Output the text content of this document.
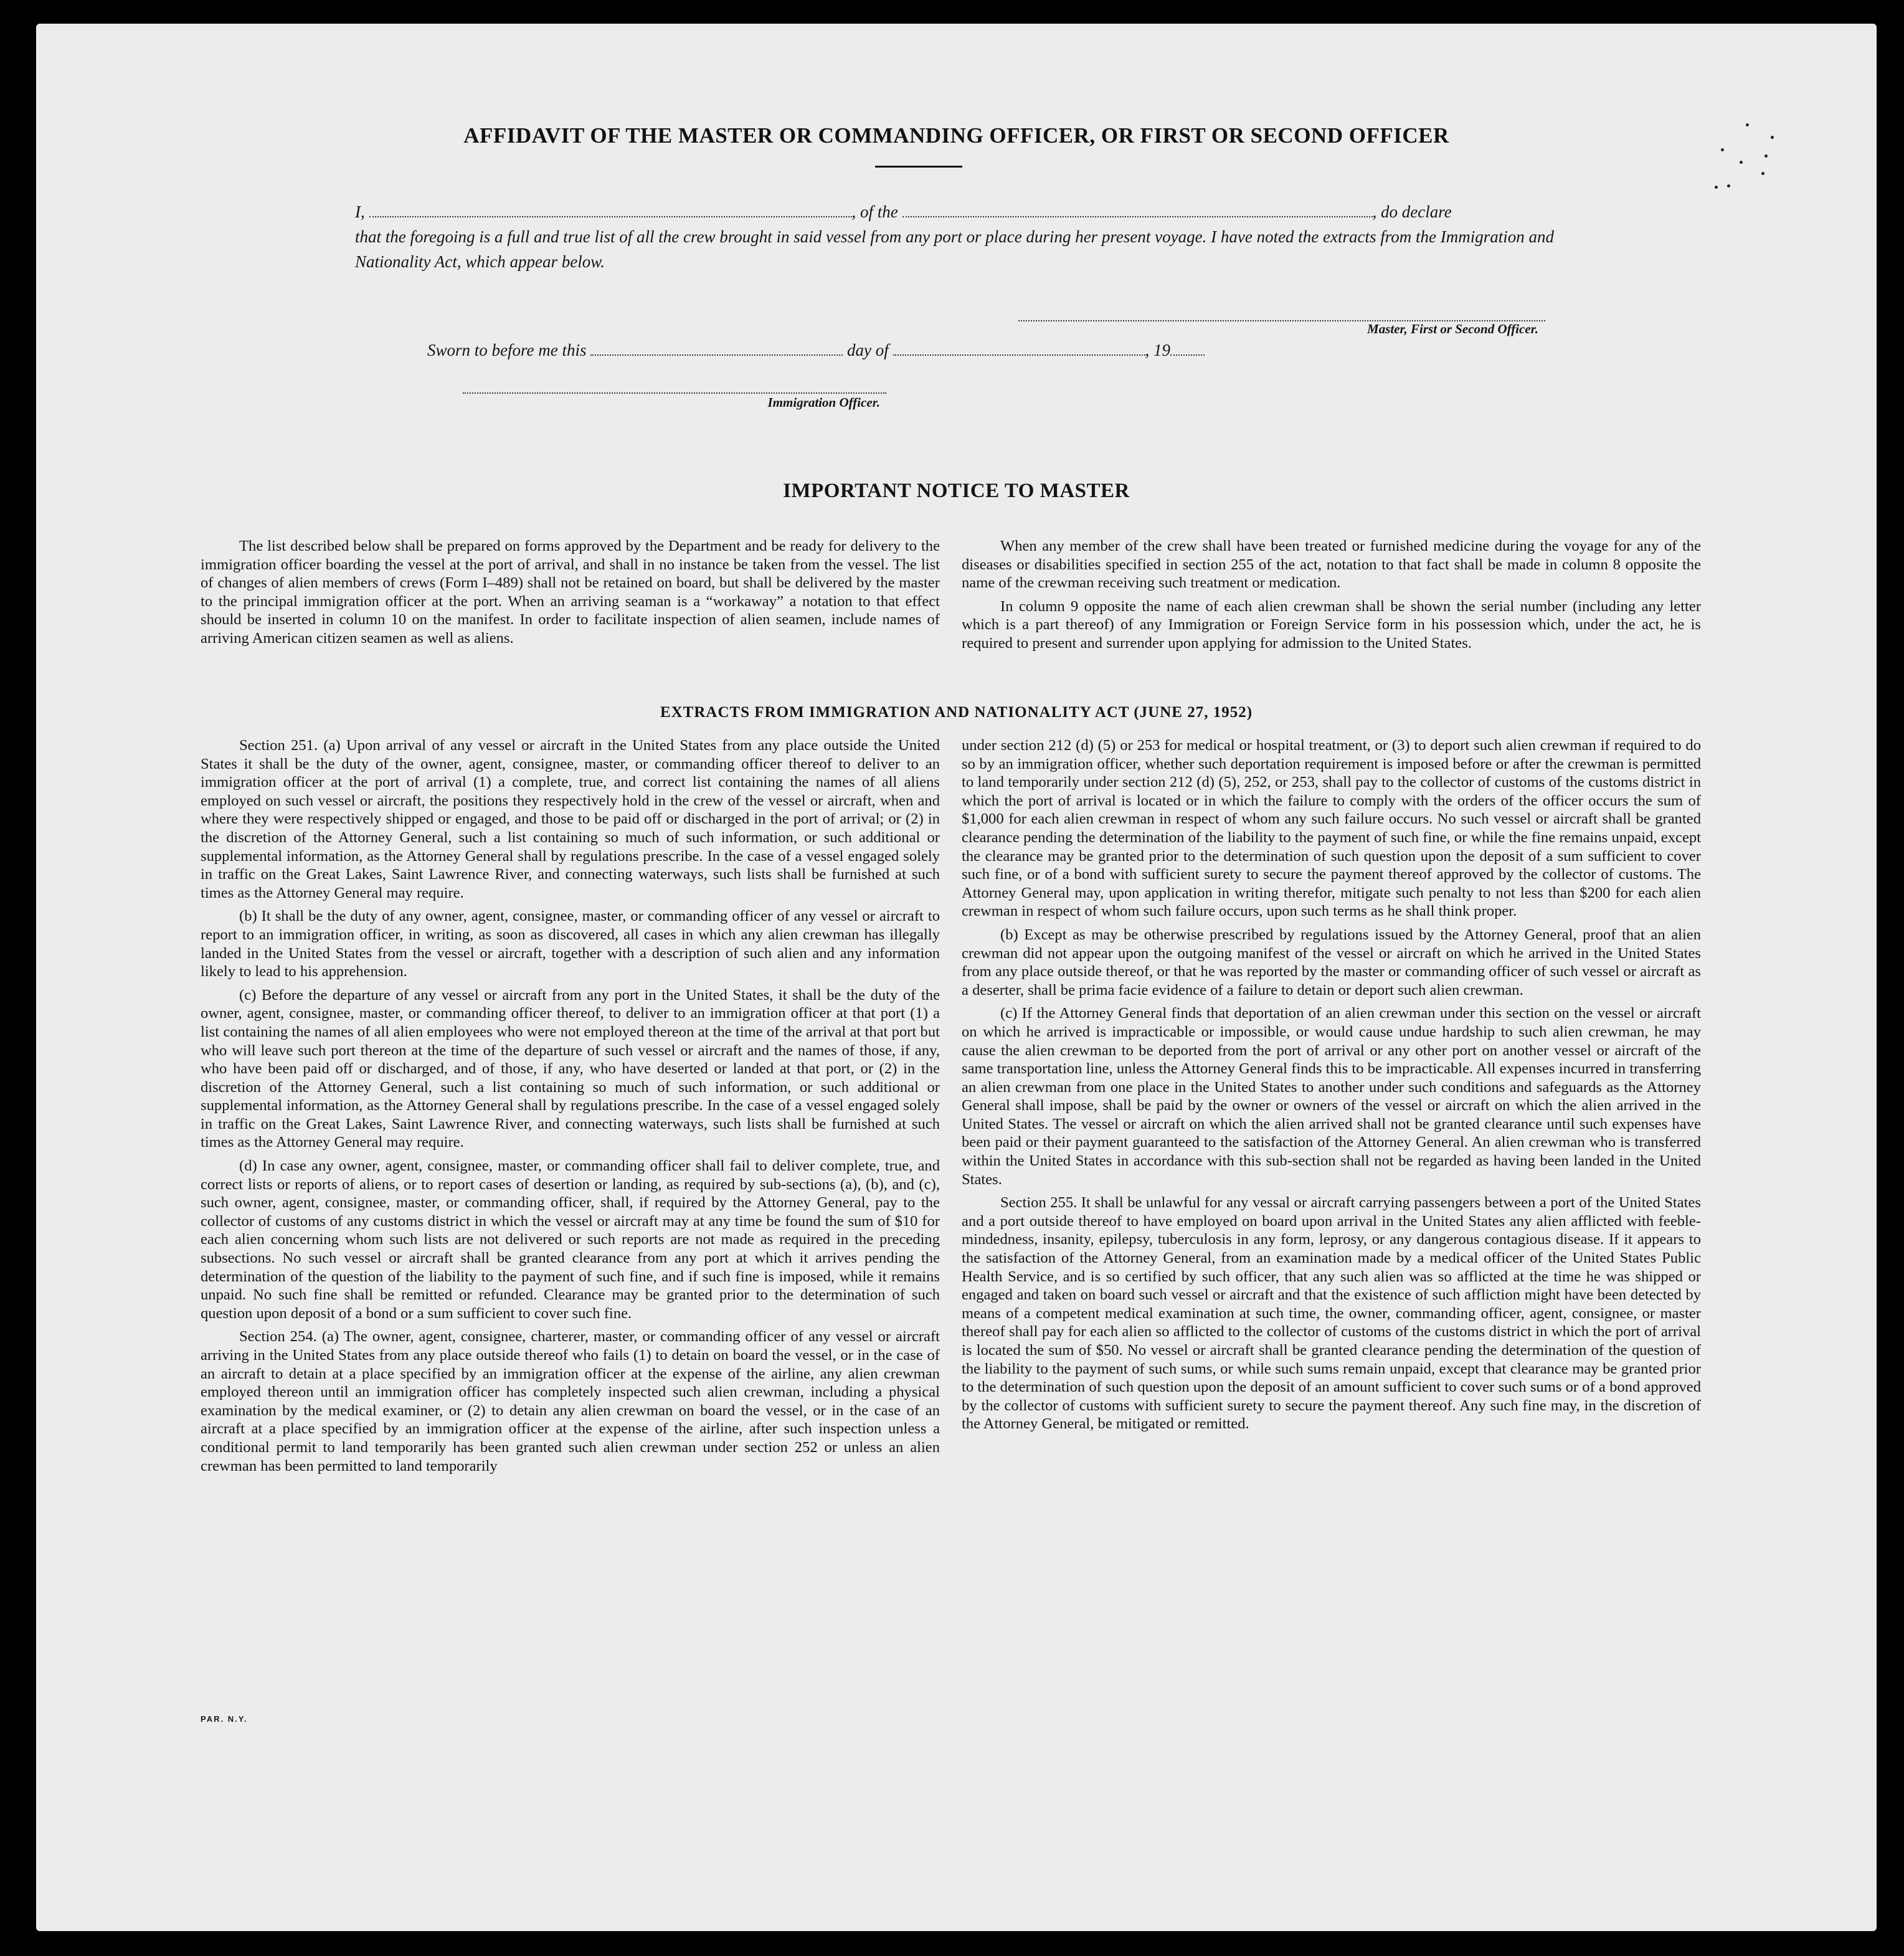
AFFIDAVIT OF THE MASTER OR COMMANDING OFFICER, OR FIRST OR SECOND OFFICER
I,	, of the	, do declare
that the foregoing is a full and true list of all the crew brought in said vessel from any port or place during her present voyage. I have noted the extracts from the Immigration and Nationality Act, which appear below.
Master, First or Second Officer.
Sworn to before me this	day of	, 19
Immigration Officer.
IMPORTANT NOTICE TO MASTER

The list described below shall be prepared on forms approved by the Department and be ready for delivery to the immigration officer boarding the vessel at the port of arrival, and shall in no instance be taken from the vessel. The list of changes of alien members of crews (Form I–489) shall not be retained on board, but shall be delivered by the master to the principal immigration officer at the port. When an arriving seaman is a “workaway” a notation to that effect should be inserted in column 10 on the manifest. In order to facilitate inspection of alien seamen, include names of arriving American citizen seamen as well as aliens.

When any member of the crew shall have been treated or furnished medicine during the voyage for any of the diseases or disabilities specified in section 255 of the act, notation to that fact shall be made in column 8 opposite the name of the crewman receiving such treatment or medication.

In column 9 opposite the name of each alien crewman shall be shown the serial number (including any letter which is a part thereof) of any Immigration or Foreign Service form in his possession which, under the act, he is required to present and surrender upon applying for admission to the United States.

EXTRACTS FROM IMMIGRATION AND NATIONALITY ACT (JUNE 27, 1952)

Section 251. (a) Upon arrival of any vessel or aircraft in the United States from any place outside the United States it shall be the duty of the owner, agent, consignee, master, or commanding officer thereof to deliver to an immigration officer at the port of arrival (1) a complete, true, and correct list containing the names of all aliens employed on such vessel or aircraft, the positions they respectively hold in the crew of the vessel or aircraft, when and where they were respectively shipped or engaged, and those to be paid off or discharged in the port of arrival; or (2) in the discretion of the Attorney General, such a list containing so much of such information, or such additional or supplemental information, as the Attorney General shall by regulations prescribe. In the case of a vessel engaged solely in traffic on the Great Lakes, Saint Lawrence River, and connecting waterways, such lists shall be furnished at such times as the Attorney General may require.

(b) It shall be the duty of any owner, agent, consignee, master, or commanding officer of any vessel or aircraft to report to an immigration officer, in writing, as soon as discovered, all cases in which any alien crewman has illegally landed in the United States from the vessel or aircraft, together with a description of such alien and any information likely to lead to his apprehension.

(c) Before the departure of any vessel or aircraft from any port in the United States, it shall be the duty of the owner, agent, consignee, master, or commanding officer thereof, to deliver to an immigration officer at that port (1) a list containing the names of all alien employees who were not employed thereon at the time of the arrival at that port but who will leave such port thereon at the time of the departure of such vessel or aircraft and the names of those, if any, who have been paid off or discharged, and of those, if any, who have deserted or landed at that port, or (2) in the discretion of the Attorney General, such a list containing so much of such information, or such additional or supplemental information, as the Attorney General shall by regulations prescribe. In the case of a vessel engaged solely in traffic on the Great Lakes, Saint Lawrence River, and connecting waterways, such lists shall be furnished at such times as the Attorney General may require.

(d) In case any owner, agent, consignee, master, or commanding officer shall fail to deliver complete, true, and correct lists or reports of aliens, or to report cases of desertion or landing, as required by sub-sections (a), (b), and (c), such owner, agent, consignee, master, or commanding officer, shall, if required by the Attorney General, pay to the collector of customs of any customs district in which the vessel or aircraft may at any time be found the sum of $10 for each alien concerning whom such lists are not delivered or such reports are not made as required in the preceding subsections. No such vessel or aircraft shall be granted clearance from any port at which it arrives pending the determination of the question of the liability to the payment of such fine, and if such fine is imposed, while it remains unpaid. No such fine shall be remitted or refunded. Clearance may be granted prior to the determination of such question upon deposit of a bond or a sum sufficient to cover such fine.

Section 254. (a) The owner, agent, consignee, charterer, master, or commanding officer of any vessel or aircraft arriving in the United States from any place outside thereof who fails (1) to detain on board the vessel, or in the case of an aircraft to detain at a place specified by an immigration officer at the expense of the airline, any alien crewman employed thereon until an immigration officer has completely inspected such alien crewman, including a physical examination by the medical examiner, or (2) to detain any alien crewman on board the vessel, or in the case of an aircraft at a place specified by an immigration officer at the expense of the airline, after such inspection unless a conditional permit to land temporarily has been granted such alien crewman under section 252 or unless an alien crewman has been permitted to land temporarily

under section 212 (d) (5) or 253 for medical or hospital treatment, or (3) to deport such alien crewman if required to do so by an immigration officer, whether such deportation requirement is imposed before or after the crewman is permitted to land temporarily under section 212 (d) (5), 252, or 253, shall pay to the collector of customs of the customs district in which the port of arrival is located or in which the failure to comply with the orders of the officer occurs the sum of $1,000 for each alien crewman in respect of whom any such failure occurs. No such vessel or aircraft shall be granted clearance pending the determination of the liability to the payment of such fine, or while the fine remains unpaid, except the clearance may be granted prior to the determination of such question upon the deposit of a sum sufficient to cover such fine, or of a bond with sufficient surety to secure the payment thereof approved by the collector of customs. The Attorney General may, upon application in writing therefor, mitigate such penalty to not less than $200 for each alien crewman in respect of whom such failure occurs, upon such terms as he shall think proper.

(b) Except as may be otherwise prescribed by regulations issued by the Attorney General, proof that an alien crewman did not appear upon the outgoing manifest of the vessel or aircraft on which he arrived in the United States from any place outside thereof, or that he was reported by the master or commanding officer of such vessel or aircraft as a deserter, shall be prima facie evidence of a failure to detain or deport such alien crewman.

(c) If the Attorney General finds that deportation of an alien crewman under this section on the vessel or aircraft on which he arrived is impracticable or impossible, or would cause undue hardship to such alien crewman, he may cause the alien crewman to be deported from the port of arrival or any other port on another vessel or aircraft of the same transportation line, unless the Attorney General finds this to be impracticable. All expenses incurred in transferring an alien crewman from one place in the United States to another under such conditions and safeguards as the Attorney General shall impose, shall be paid by the owner or owners of the vessel or aircraft on which the alien arrived in the United States. The vessel or aircraft on which the alien arrived shall not be granted clearance until such expenses have been paid or their payment guaranteed to the satisfaction of the Attorney General. An alien crewman who is transferred within the United States in accordance with this sub-section shall not be regarded as having been landed in the United States.

Section 255. It shall be unlawful for any vessal or aircraft carrying passengers between a port of the United States and a port outside thereof to have employed on board upon arrival in the United States any alien afflicted with feeble-mindedness, insanity, epilepsy, tuberculosis in any form, leprosy, or any dangerous contagious disease. If it appears to the satisfaction of the Attorney General, from an examination made by a medical officer of the United States Public Health Service, and is so certified by such officer, that any such alien was so afflicted at the time he was shipped or engaged and taken on board such vessel or aircraft and that the existence of such affliction might have been detected by means of a competent medical examination at such time, the owner, commanding officer, agent, consignee, or master thereof shall pay for each alien so afflicted to the collector of customs of the customs district in which the port of arrival is located the sum of $50. No vessel or aircraft shall be granted clearance pending the determination of the question of the liability to the payment of such sums, or while such sums remain unpaid, except that clearance may be granted prior to the determination of such question upon the deposit of an amount sufficient to cover such sums or of a bond approved by the collector of customs with sufficient surety to secure the payment thereof. Any such fine may, in the discretion of the Attorney General, be mitigated or remitted.

PAR. N.Y.
